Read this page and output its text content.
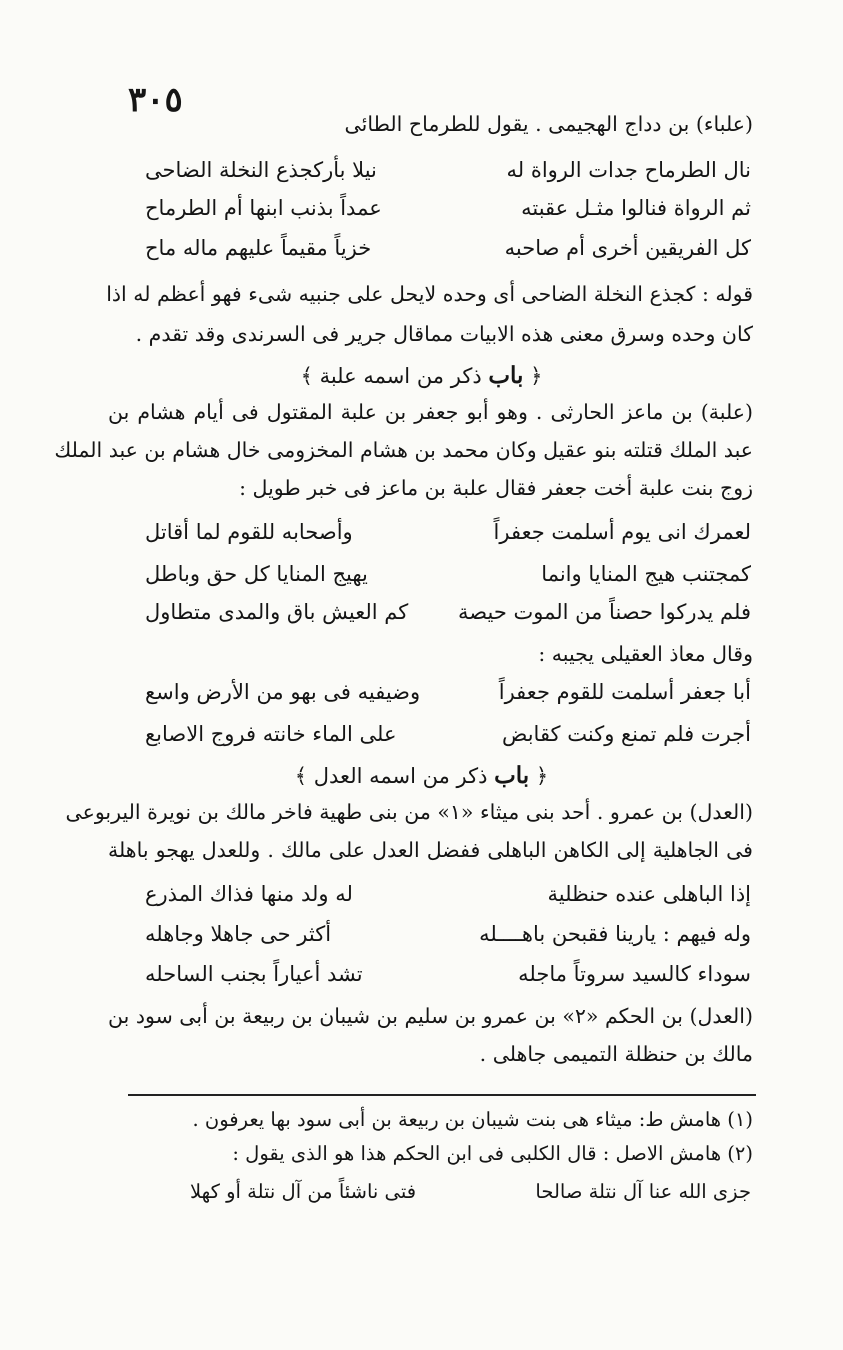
٣٠٥
(علباء) بن دداج الهجيمى . يقول للطرماح الطائى
نال الطرماح جدات الرواة له
نيلا بأركجذع النخلة الضاحى
ثم الرواة فنالوا مثـل عقبته
عمداً بذنب ابنها أم الطرماح
كل الفريقين أخرى أم صاحبه
خزياً مقيماً عليهم ماله ماح
قوله : كجذع النخلة الضاحى أى وحده لايحل على جنبيه شىء فهو أعظم له اذا
كان وحده وسرق معنى هذه الابيات مماقال جرير فى السرندى وقد تقدم .
﴿ باب ذكر من اسمه علبة ﴾
(علبة) بن ماعز الحارثى . وهو أبو جعفر بن علبة المقتول فى أيام هشام بن
عبد الملك قتلته بنو عقيل وكان محمد بن هشام المخزومى خال هشام بن عبد الملك
زوج بنت علبة أخت جعفر فقال علبة بن ماعز فى خبر طويل :
لعمرك انى يوم أسلمت جعفراً
وأصحابه للقوم لما أقاتل
كمجتنب هيج المنايا وانما
يهيج المنايا كل حق وباطل
فلم يدركوا حصناً من الموت حيصة
كم العيش باق والمدى متطاول
وقال معاذ العقيلى يجيبه :
أبا جعفر أسلمت للقوم جعفراً
وضيفيه فى بهو من الأرض واسع
أجرت فلم تمنع وكنت كقابض
على الماء خانته فروج الاصابع
﴿ باب ذكر من اسمه العدل ﴾
(العدل) بن عمرو . أحد بنى ميثاء «١» من بنى طهية فاخر مالك بن نويرة اليربوعى
فى الجاهلية إلى الكاهن الباهلى ففضل العدل على مالك . وللعدل يهجو باهلة
إذا الباهلى عنده حنظلية
له ولد منها فذاك المذرع
وله فيهم : يارينا فقبحن باهــــله
أكثر حى جاهلا وجاهله
سوداء كالسيد سروتاً ماجله
تشد أعياراً بجنب الساحله
(العدل) بن الحكم «٢» بن عمرو بن سليم بن شيبان بن ربيعة بن أبى سود بن
مالك بن حنظلة التميمى جاهلى .
(١) هامش ط: ميثاء هى بنت شيبان بن ربيعة بن أبى سود بها يعرفون .
(٢) هامش الاصل : قال الكلبى فى ابن الحكم هذا هو الذى يقول :
جزى الله عنا آل نتلة صالحا
فتى ناشئاً من آل نتلة أو كهلا
